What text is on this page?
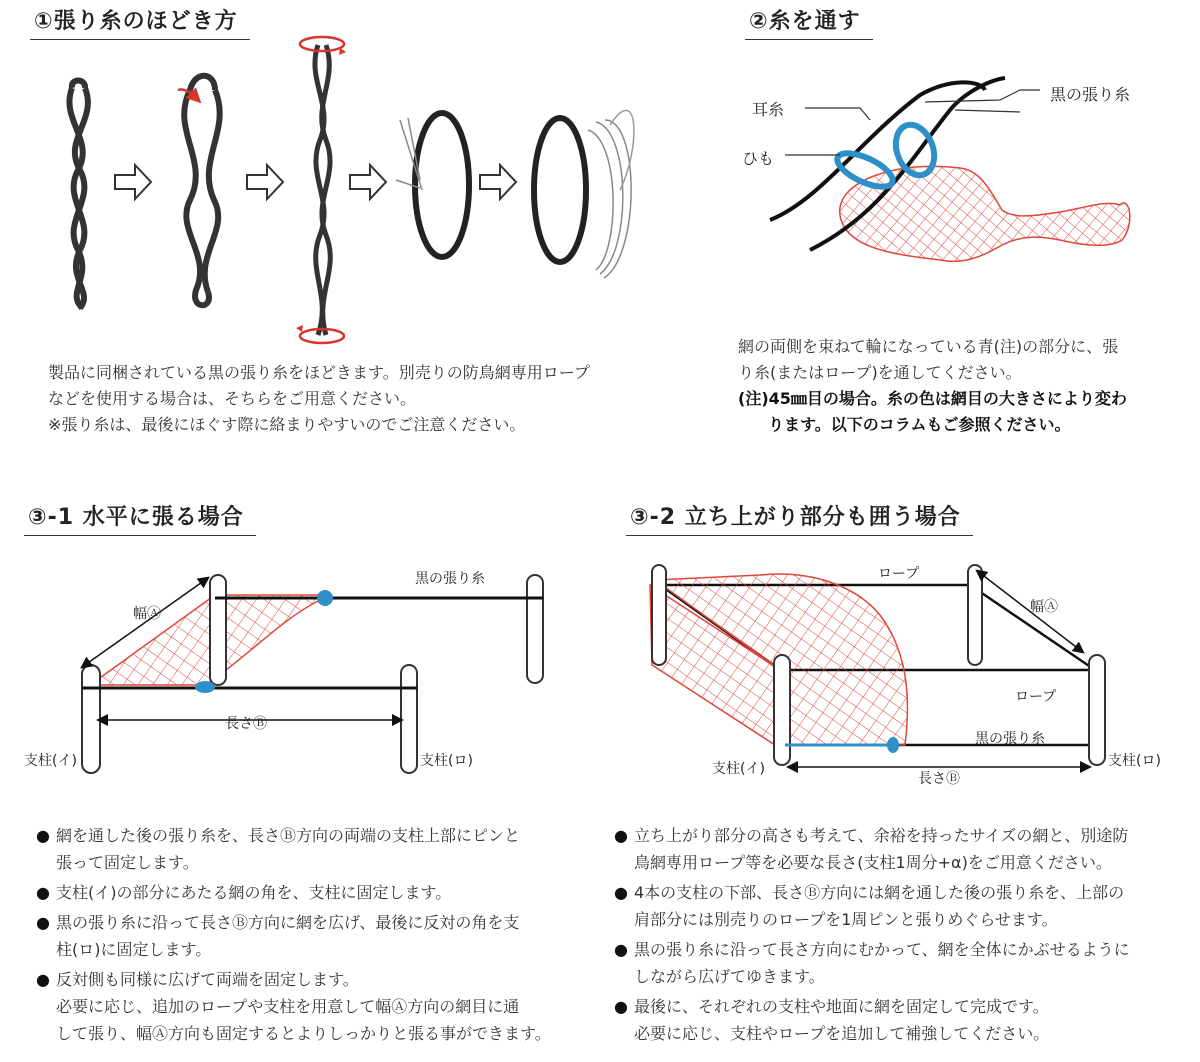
①張り糸のほどき方
製品に同梱されている黒の張り糸をほどきます。別売りの防鳥網専用ロープ
などを使用する場合は、そちらをご用意ください。
※張り糸は、最後にほぐす際に絡まりやすいのでご注意ください。
②糸を通す
耳糸
ひも
黒の張り糸
網の両側を束ねて輪になっている青(注)の部分に、張
り糸(またはロープ)を通してください。
(注)45㎜目の場合。糸の色は網目の大きさにより変わ
ります。以下のコラムもご参照ください。
③-1 水平に張る場合
黒の張り糸
幅Ⓐ
長さⒷ
支柱(イ)	支柱(ロ)
● 網を通した後の張り糸を、長さⒷ方向の両端の支柱上部にピンと
張って固定します。
● 支柱(イ)の部分にあたる網の角を、支柱に固定します。
● 黒の張り糸に沿って長さⒷ方向に網を広げ、最後に反対の角を支
柱(ロ)に固定します。
● 反対側も同様に広げて両端を固定します。
必要に応じ、追加のロープや支柱を用意して幅Ⓐ方向の網目に通
して張り、幅Ⓐ方向も固定するとよりしっかりと張る事ができます。
③-2 立ち上がり部分も囲う場合
ロープ
幅Ⓐ
ロープ
黒の張り糸
支柱(イ)	支柱(ロ)
長さⒷ
● 立ち上がり部分の高さも考えて、余裕を持ったサイズの網と、別途防
鳥網専用ロープ等を必要な長さ(支柱1周分+α)をご用意ください。
● 4本の支柱の下部、長さⒷ方向には網を通した後の張り糸を、上部の
肩部分には別売りのロープを1周ピンと張りめぐらせます。
● 黒の張り糸に沿って長さ方向にむかって、網を全体にかぶせるように
しながら広げてゆきます。
● 最後に、それぞれの支柱や地面に網を固定して完成です。
必要に応じ、支柱やロープを追加して補強してください。
